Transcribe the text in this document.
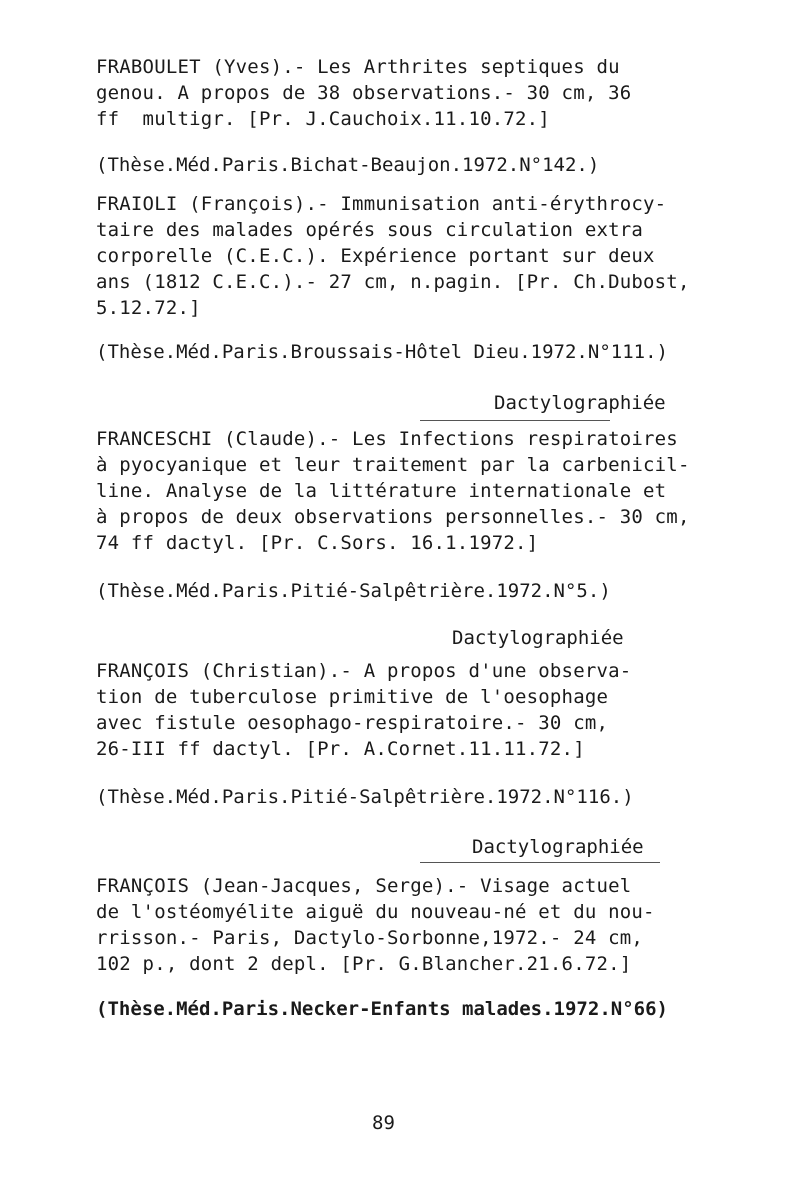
FRABOULET (Yves).- Les Arthrites septiques du
genou. A propos de 38 observations.- 30 cm, 36
ff  multigr. [Pr. J.Cauchoix.11.10.72.]
(Thèse.Méd.Paris.Bichat-Beaujon.1972.N°142.)
FRAIOLI (François).- Immunisation anti-érythrocy-
taire des malades opérés sous circulation extra
corporelle (C.E.C.). Expérience portant sur deux
ans (1812 C.E.C.).- 27 cm, n.pagin. [Pr. Ch.Dubost,
5.12.72.]
(Thèse.Méd.Paris.Broussais-Hôtel Dieu.1972.N°111.)
Dactylographiée
FRANCESCHI (Claude).- Les Infections respiratoires
à pyocyanique et leur traitement par la carbenicil-
line. Analyse de la littérature internationale et
à propos de deux observations personnelles.- 30 cm,
74 ff dactyl. [Pr. C.Sors. 16.1.1972.]
(Thèse.Méd.Paris.Pitié-Salpêtrière.1972.N°5.)
Dactylographiée
FRANÇOIS (Christian).- A propos d'une observa-
tion de tuberculose primitive de l'oesophage
avec fistule oesophago-respiratoire.- 30 cm,
26-III ff dactyl. [Pr. A.Cornet.11.11.72.]
(Thèse.Méd.Paris.Pitié-Salpêtrière.1972.N°116.)
Dactylographiée
FRANÇOIS (Jean-Jacques, Serge).- Visage actuel
de l'ostéomyélite aiguë du nouveau-né et du nou-
rrisson.- Paris, Dactylo-Sorbonne,1972.- 24 cm,
102 p., dont 2 depl. [Pr. G.Blancher.21.6.72.]
(Thèse.Méd.Paris.Necker-Enfants malades.1972.N°66)
89
